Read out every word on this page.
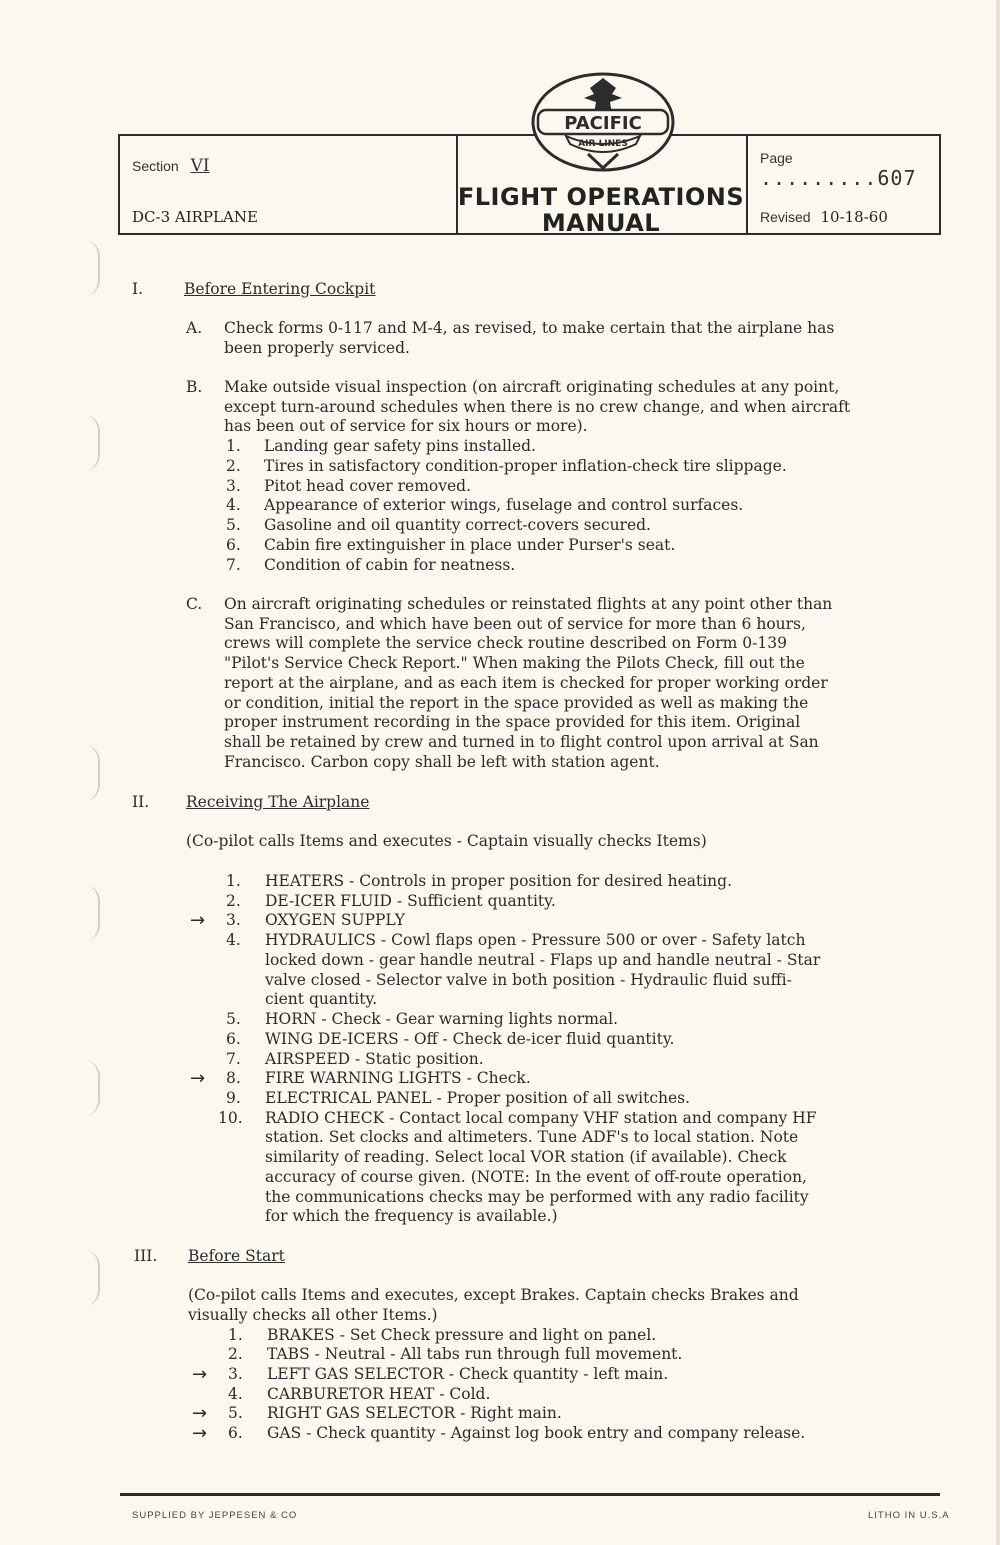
Section VI
DC-3 AIRPLANE
FLIGHT OPERATIONS
MANUAL
Page .........607
Revised 10-18-60
PACIFIC
AIR LINES
I.	Before Entering Cockpit
A. Check forms 0-117 and M-4, as revised, to make certain that the airplane has
been properly serviced.
B. Make outside visual inspection (on aircraft originating schedules at any point,
except turn-around schedules when there is no crew change, and when aircraft
has been out of service for six hours or more).
1. Landing gear safety pins installed.
2. Tires in satisfactory condition-proper inflation-check tire slippage.
3. Pitot head cover removed.
4. Appearance of exterior wings, fuselage and control surfaces.
5. Gasoline and oil quantity correct-covers secured.
6. Cabin fire extinguisher in place under Purser's seat.
7. Condition of cabin for neatness.
C. On aircraft originating schedules or reinstated flights at any point other than
San Francisco, and which have been out of service for more than 6 hours,
crews will complete the service check routine described on Form 0-139
"Pilot's Service Check Report." When making the Pilots Check, fill out the
report at the airplane, and as each item is checked for proper working order
or condition, initial the report in the space provided as well as making the
proper instrument recording in the space provided for this item. Original
shall be retained by crew and turned in to flight control upon arrival at San
Francisco. Carbon copy shall be left with station agent.
II. Receiving The Airplane
(Co-pilot calls Items and executes - Captain visually checks Items)
1. HEATERS - Controls in proper position for desired heating.
2. DE-ICER FLUID - Sufficient quantity.
→ 3. OXYGEN SUPPLY
4. HYDRAULICS - Cowl flaps open - Pressure 500 or over - Safety latch
locked down - gear handle neutral - Flaps up and handle neutral - Star
valve closed - Selector valve in both position - Hydraulic fluid suffi-
cient quantity.
5. HORN - Check - Gear warning lights normal.
6. WING DE-ICERS - Off - Check de-icer fluid quantity.
7. AIRSPEED - Static position.
→ 8. FIRE WARNING LIGHTS - Check.
9. ELECTRICAL PANEL - Proper position of all switches.
10. RADIO CHECK - Contact local company VHF station and company HF
station. Set clocks and altimeters. Tune ADF's to local station. Note
similarity of reading. Select local VOR station (if available). Check
accuracy of course given. (NOTE: In the event of off-route operation,
the communications checks may be performed with any radio facility
for which the frequency is available.)
III. Before Start
(Co-pilot calls Items and executes, except Brakes. Captain checks Brakes and
visually checks all other Items.)
1. BRAKES - Set Check pressure and light on panel.
2. TABS - Neutral - All tabs run through full movement.
→ 3. LEFT GAS SELECTOR - Check quantity - left main.
4. CARBURETOR HEAT - Cold.
→ 5. RIGHT GAS SELECTOR - Right main.
→ 6. GAS - Check quantity - Against log book entry and company release.
SUPPLIED BY JEPPESEN & CO	LITHO IN U.S.A
